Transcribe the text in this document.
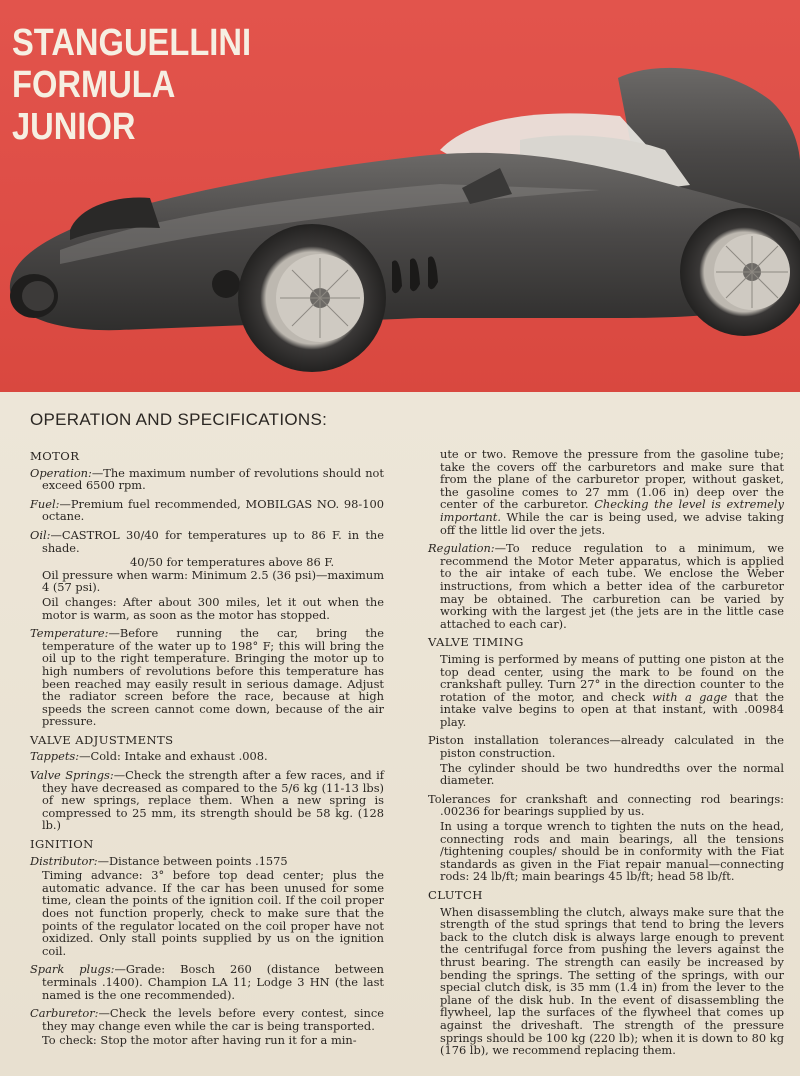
STANGUELLINI
FORMULA
JUNIOR
OPERATION AND SPECIFICATIONS:
MOTOR

Operation:—The maximum number of revolutions should not exceed 6500 rpm.

Fuel:—Premium fuel recommended, MOBILGAS NO. 98-100 octane.

Oil:—CASTROL 30/40 for temperatures up to 86 F. in the shade.

40/50 for temperatures above 86 F.

Oil pressure when warm: Minimum 2.5 (36 psi)—maximum 4 (57 psi).

Oil changes: After about 300 miles, let it out when the motor is warm, as soon as the motor has stopped.

Temperature:—Before running the car, bring the temperature of the water up to 198° F; this will bring the oil up to the right temperature. Bringing the motor up to high numbers of revolutions before this temperature has been reached may easily result in serious damage. Adjust the radiator screen before the race, because at high speeds the screen cannot come down, because of the air pressure.

VALVE ADJUSTMENTS

Tappets:—Cold: Intake and exhaust .008.

Valve Springs:—Check the strength after a few races, and if they have decreased as compared to the 5/6 kg (11-13 lbs) of new springs, replace them. When a new spring is compressed to 25 mm, its strength should be 58 kg. (128 lb.)

IGNITION

Distributor:—Distance between points .1575

Timing advance: 3° before top dead center; plus the automatic advance. If the car has been unused for some time, clean the points of the ignition coil. If the coil proper does not function properly, check to make sure that the points of the regulator located on the coil proper have not oxidized. Only stall points supplied by us on the ignition coil.

Spark plugs:—Grade: Bosch 260 (distance between terminals .1400). Champion LA 11; Lodge 3 HN (the last named is the one recommended).

Carburetor:—Check the levels before every contest, since they may change even while the car is being transported.

To check: Stop the motor after having run it for a min-

ute or two. Remove the pressure from the gasoline tube; take the covers off the carburetors and make sure that from the plane of the carburetor proper, without gasket, the gasoline comes to 27 mm (1.06 in) deep over the center of the carburetor. Checking the level is extremely important. While the car is being used, we advise taking off the little lid over the jets.

Regulation:—To reduce regulation to a minimum, we recommend the Motor Meter apparatus, which is applied to the air intake of each tube. We enclose the Weber instructions, from which a better idea of the carburetor may be obtained. The carburetion can be varied by working with the largest jet (the jets are in the little case attached to each car).

VALVE TIMING

Timing is performed by means of putting one piston at the top dead center, using the mark to be found on the crankshaft pulley. Turn 27° in the direction counter to the rotation of the motor, and check with a gage that the intake valve begins to open at that instant, with .00984 play.

Piston installation tolerances—already calculated in the piston construction.

The cylinder should be two hundredths over the normal diameter.

Tolerances for crankshaft and connecting rod bearings: .00236 for bearings supplied by us.

In using a torque wrench to tighten the nuts on the head, connecting rods and main bearings, all the tensions /tightening couples/ should be in conformity with the Fiat standards as given in the Fiat repair manual—connecting rods: 24 lb/ft; main bearings 45 lb/ft; head 58 lb/ft.

CLUTCH

When disassembling the clutch, always make sure that the strength of the stud springs that tend to bring the levers back to the clutch disk is always large enough to prevent the centrifugal force from pushing the levers against the thrust bearing. The strength can easily be increased by bending the springs. The setting of the springs, with our special clutch disk, is 35 mm (1.4 in) from the lever to the plane of the disk hub. In the event of disassembling the flywheel, lap the surfaces of the flywheel that comes up against the driveshaft. The strength of the pressure springs should be 100 kg (220 lb); when it is down to 80 kg (176 lb), we recommend replacing them.
